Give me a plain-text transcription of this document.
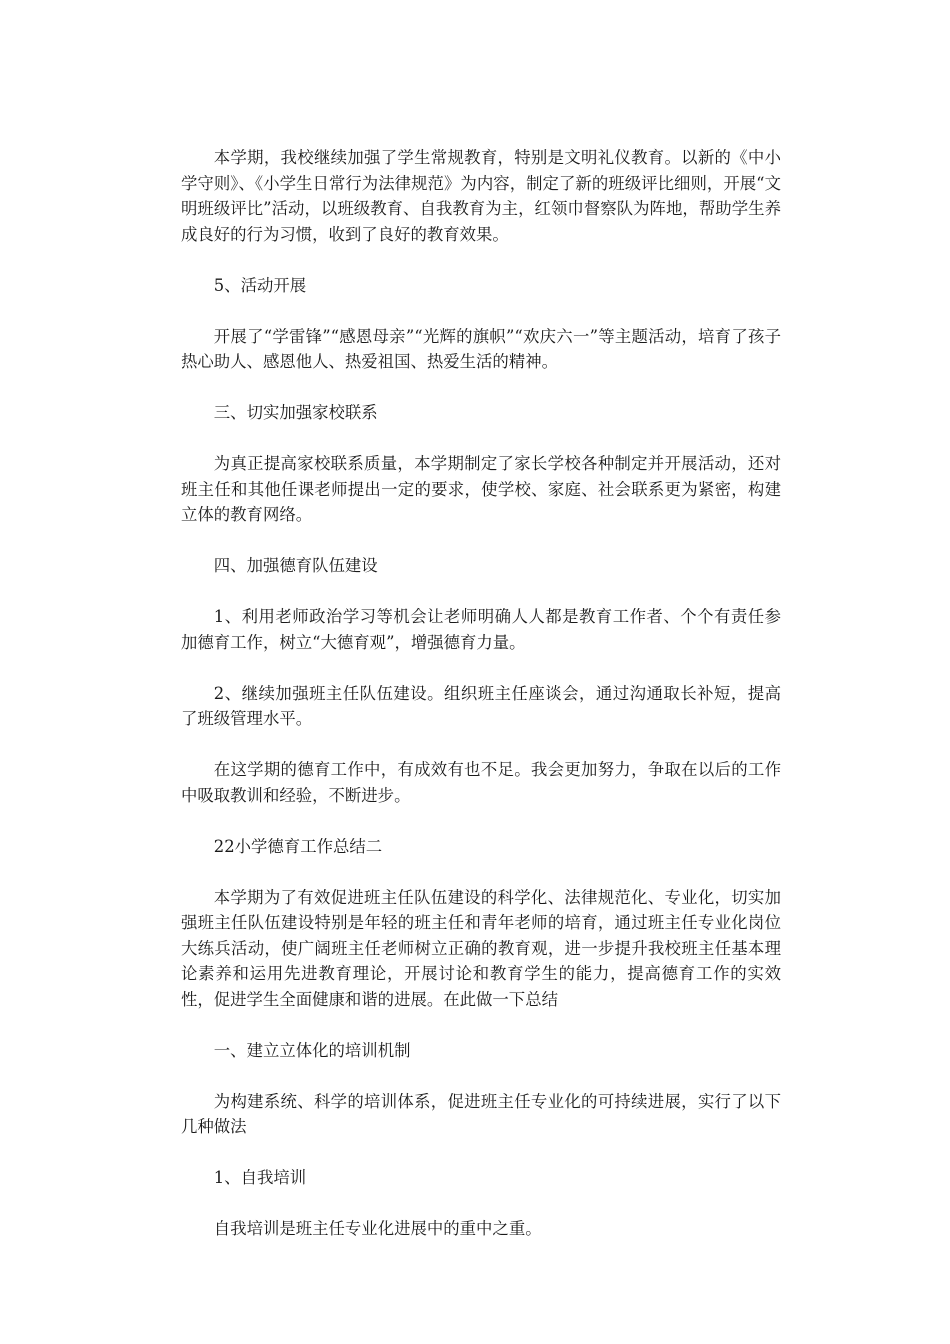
本学期，我校继续加强了学生常规教育，特别是文明礼仪教育。以新的《中小学守则》、《小学生日常行为法律规范》为内容，制定了新的班级评比细则，开展“文明班级评比”活动，以班级教育、自我教育为主，红领巾督察队为阵地，帮助学生养成良好的行为习惯，收到了良好的教育效果。

5、活动开展

开展了“学雷锋”“感恩母亲”“光辉的旗帜”“欢庆六一”等主题活动，培育了孩子热心助人、感恩他人、热爱祖国、热爱生活的精神。

三、切实加强家校联系

为真正提高家校联系质量，本学期制定了家长学校各种制定并开展活动，还对班主任和其他任课老师提出一定的要求，使学校、家庭、社会联系更为紧密，构建立体的教育网络。

四、加强德育队伍建设

1、利用老师政治学习等机会让老师明确人人都是教育工作者、个个有责任参加德育工作，树立“大德育观”，增强德育力量。

2、继续加强班主任队伍建设。组织班主任座谈会，通过沟通取长补短，提高了班级管理水平。

在这学期的德育工作中，有成效有也不足。我会更加努力，争取在以后的工作中吸取教训和经验，不断进步。

22小学德育工作总结二

本学期为了有效促进班主任队伍建设的科学化、法律规范化、专业化，切实加强班主任队伍建设特别是年轻的班主任和青年老师的培育，通过班主任专业化岗位大练兵活动，使广阔班主任老师树立正确的教育观，进一步提升我校班主任基本理论素养和运用先进教育理论，开展讨论和教育学生的能力，提高德育工作的实效性，促进学生全面健康和谐的进展。在此做一下总结

一、建立立体化的培训机制

为构建系统、科学的培训体系，促进班主任专业化的可持续进展，实行了以下几种做法

1、自我培训

自我培训是班主任专业化进展中的重中之重。
